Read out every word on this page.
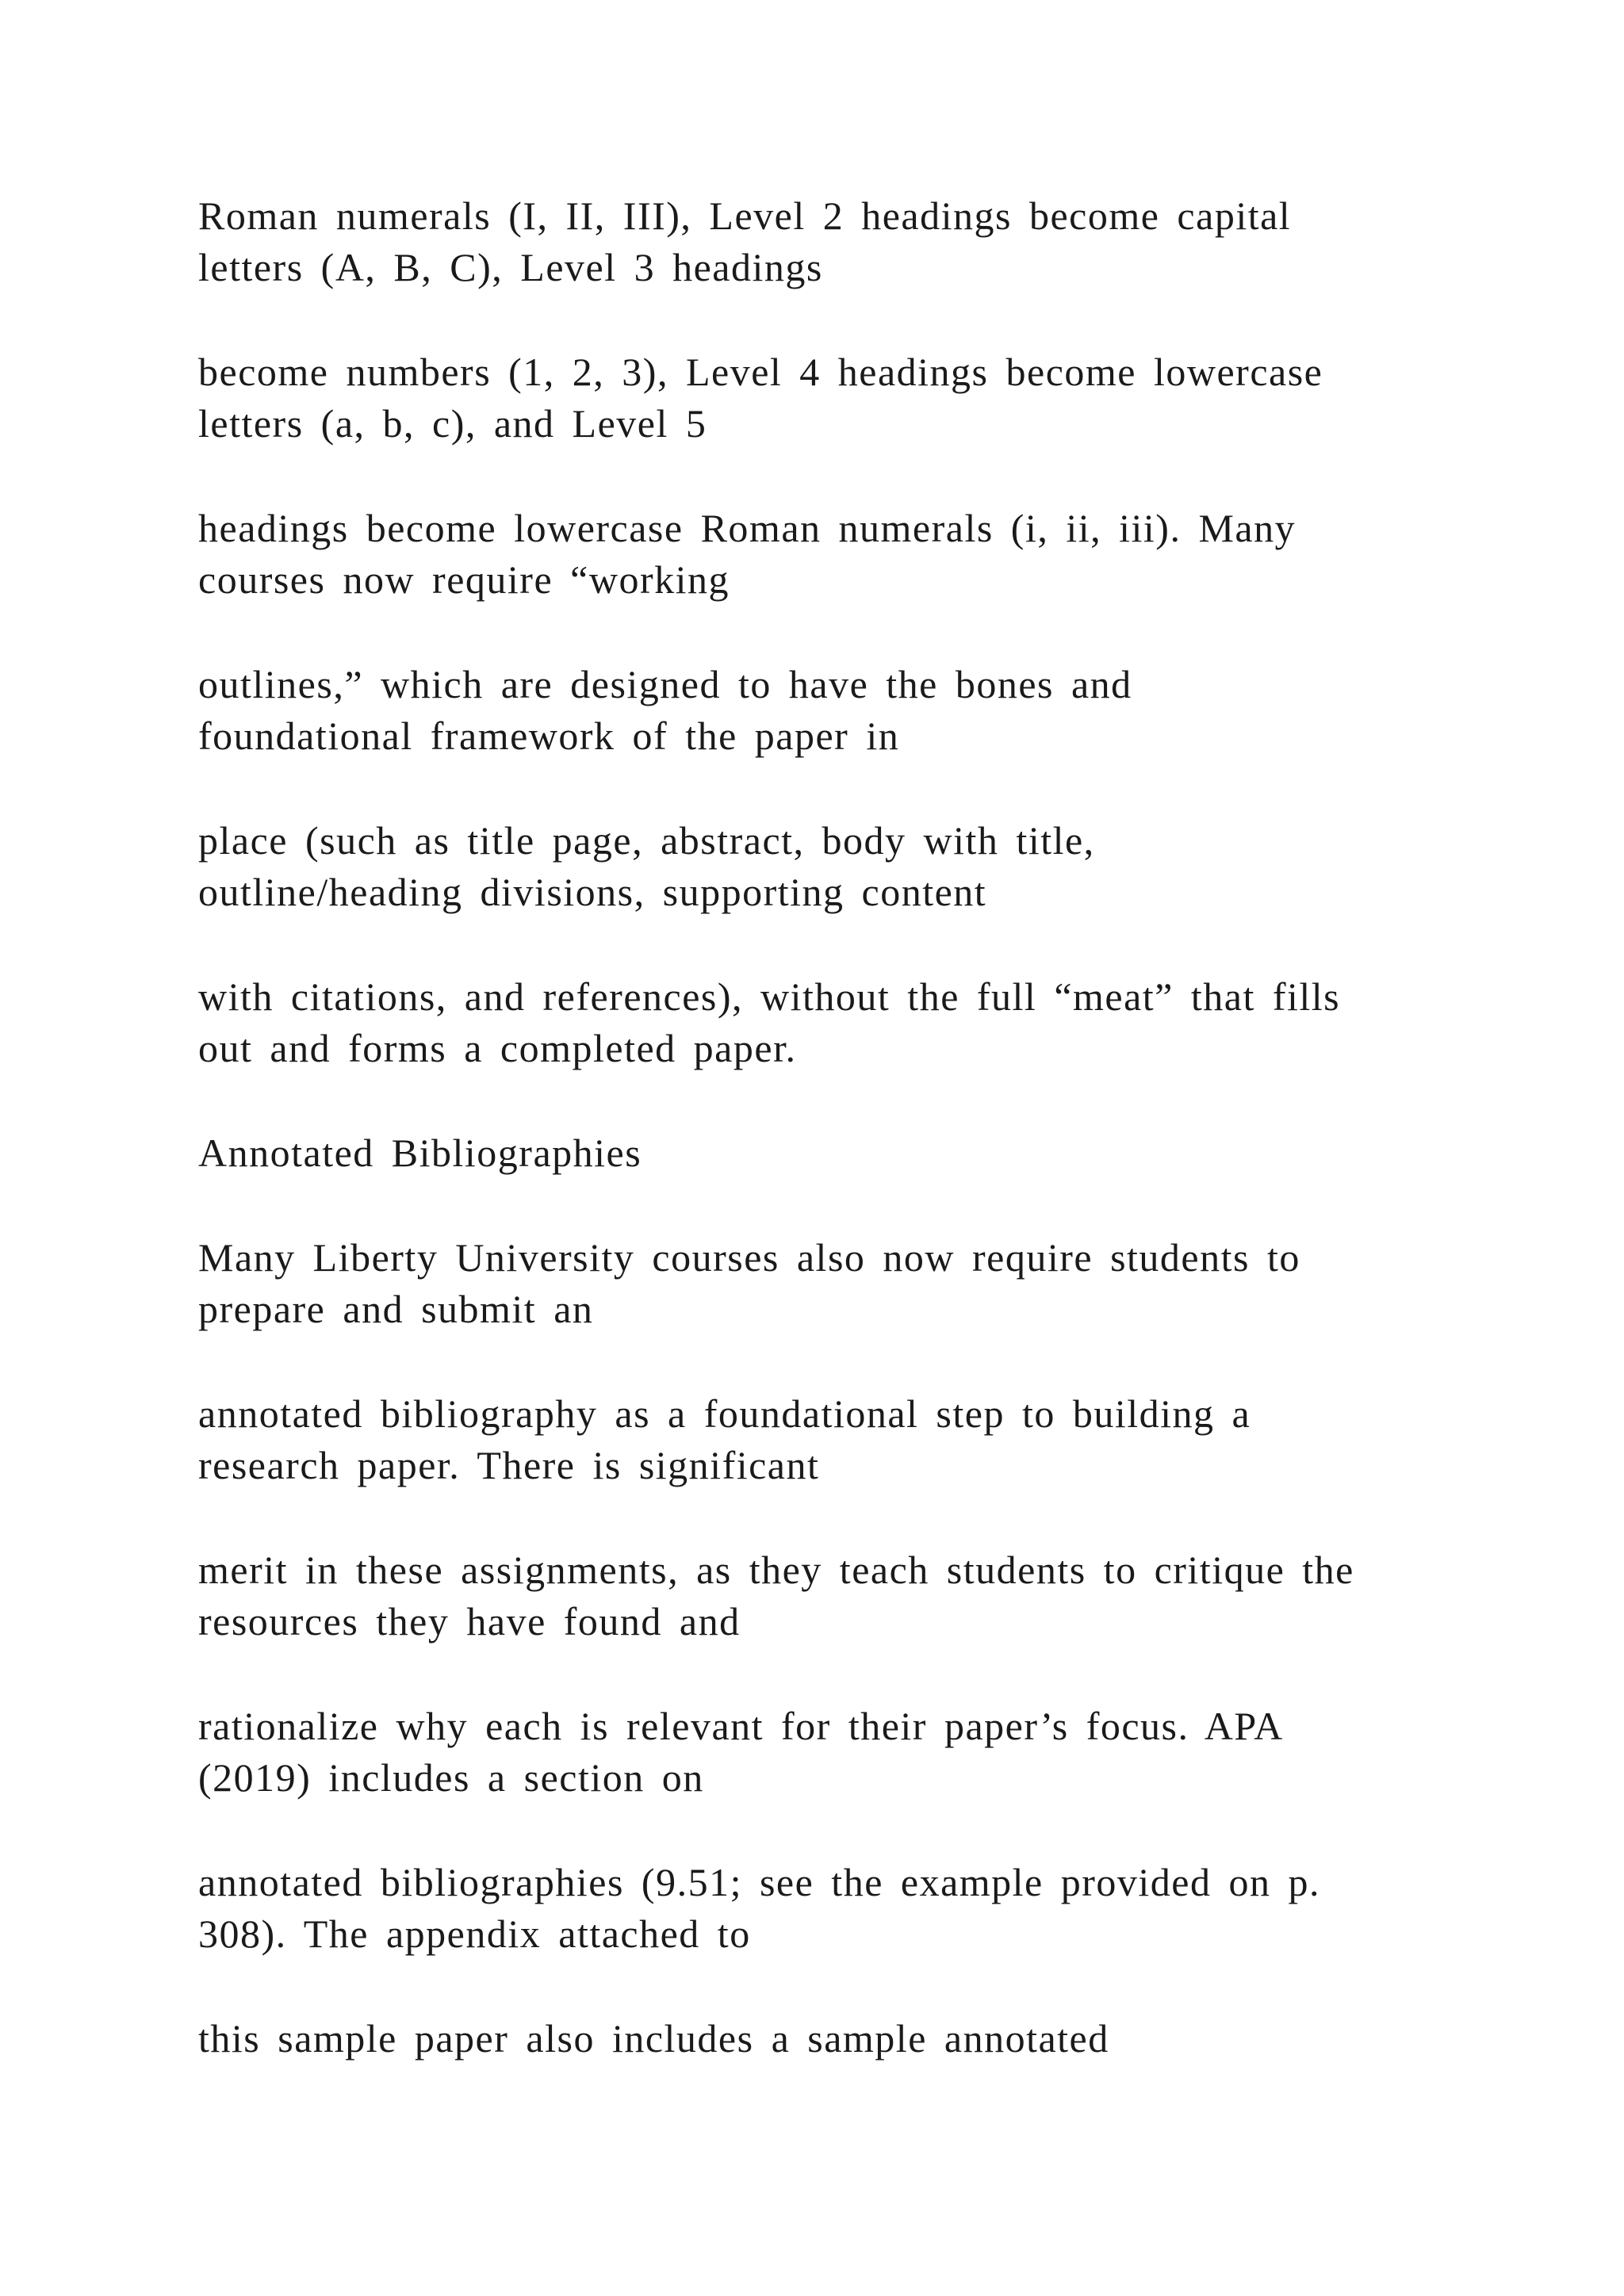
Roman numerals (I, II, III), Level 2 headings become capital
letters (A, B, C), Level 3 headings

become numbers (1, 2, 3), Level 4 headings become lowercase
letters (a, b, c), and Level 5

headings become lowercase Roman numerals (i, ii, iii). Many
courses now require “working

outlines,” which are designed to have the bones and
foundational framework of the paper in

place (such as title page, abstract, body with title,
outline/heading divisions, supporting content

with citations, and references), without the full “meat” that fills
out and forms a completed paper.

Annotated Bibliographies

Many Liberty University courses also now require students to
prepare and submit an

annotated bibliography as a foundational step to building a
research paper. There is significant

merit in these assignments, as they teach students to critique the
resources they have found and

rationalize why each is relevant for their paper’s focus. APA
(2019) includes a section on

annotated bibliographies (9.51; see the example provided on p.
308). The appendix attached to

this sample paper also includes a sample annotated
